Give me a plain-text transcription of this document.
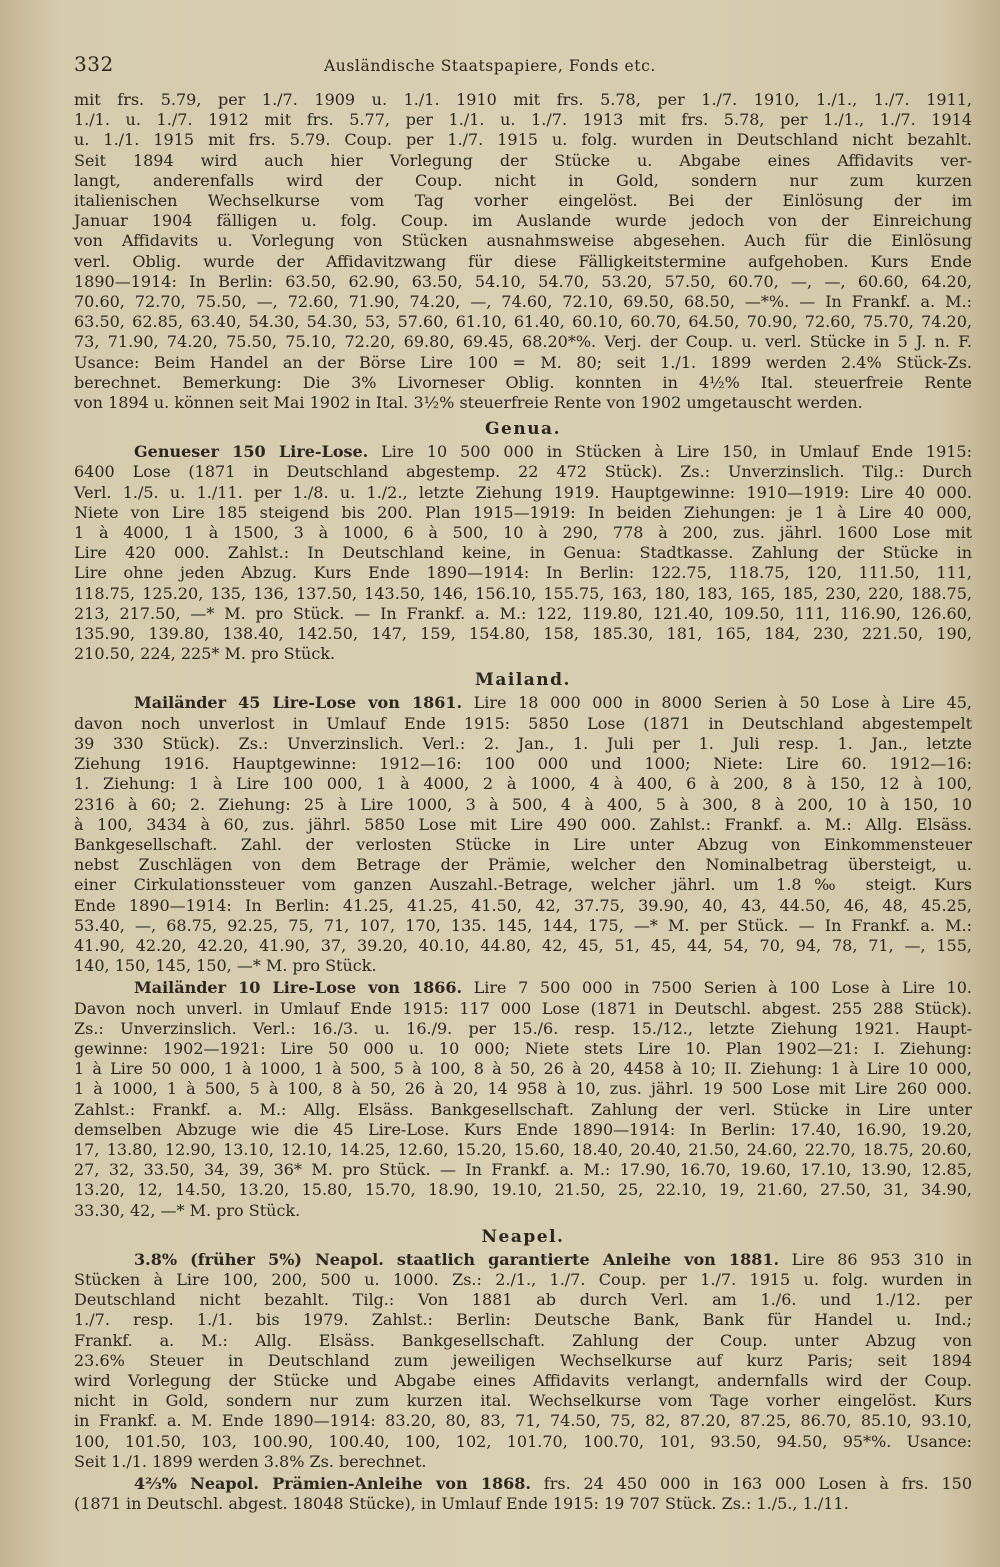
332	Ausländische Staatspapiere, Fonds etc.

mit frs. 5.79, per 1./7. 1909 u. 1./1. 1910 mit frs. 5.78, per 1./7. 1910, 1./1., 1./7. 1911,

1./1. u. 1./7. 1912 mit frs. 5.77, per 1./1. u. 1./7. 1913 mit frs. 5.78, per 1./1., 1./7. 1914

u. 1./1. 1915 mit frs. 5.79. Coup. per 1./7. 1915 u. folg. wurden in Deutschland nicht bezahlt.

Seit 1894 wird auch hier Vorlegung der Stücke u. Abgabe eines Affidavits ver-

langt, anderenfalls wird der Coup. nicht in Gold, sondern nur zum kurzen

italienischen Wechselkurse vom Tag vorher eingelöst. Bei der Einlösung der im

Januar 1904 fälligen u. folg. Coup. im Auslande wurde jedoch von der Einreichung

von Affidavits u. Vorlegung von Stücken ausnahmsweise abgesehen. Auch für die Einlösung

verl. Oblig. wurde der Affidavitzwang für diese Fälligkeitstermine aufgehoben. Kurs Ende

1890—1914: In Berlin: 63.50, 62.90, 63.50, 54.10, 54.70, 53.20, 57.50, 60.70, —, —, 60.60, 64.20,

70.60, 72.70, 75.50, —, 72.60, 71.90, 74.20, —, 74.60, 72.10, 69.50, 68.50, —*%. — In Frankf. a. M.:

63.50, 62.85, 63.40, 54.30, 54.30, 53, 57.60, 61.10, 61.40, 60.10, 60.70, 64.50, 70.90, 72.60, 75.70, 74.20,

73, 71.90, 74.20, 75.50, 75.10, 72.20, 69.80, 69.45, 68.20*%. Verj. der Coup. u. verl. Stücke in 5 J. n. F.

Usance: Beim Handel an der Börse Lire 100 = M. 80; seit 1./1. 1899 werden 2.4% Stück-Zs.

berechnet. Bemerkung: Die 3% Livorneser Oblig. konnten in 4½% Ital. steuerfreie Rente

von 1894 u. können seit Mai 1902 in Ital. 3½% steuerfreie Rente von 1902 umgetauscht werden.

Genua.

Genueser 150 Lire-Lose. Lire 10 500 000 in Stücken à Lire 150, in Umlauf Ende 1915:

6400 Lose (1871 in Deutschland abgestemp. 22 472 Stück). Zs.: Unverzinslich. Tilg.: Durch

Verl. 1./5. u. 1./11. per 1./8. u. 1./2., letzte Ziehung 1919. Hauptgewinne: 1910—1919: Lire 40 000.

Niete von Lire 185 steigend bis 200. Plan 1915—1919: In beiden Ziehungen: je 1 à Lire 40 000,

1 à 4000, 1 à 1500, 3 à 1000, 6 à 500, 10 à 290, 778 à 200, zus. jährl. 1600 Lose mit

Lire 420 000. Zahlst.: In Deutschland keine, in Genua: Stadtkasse. Zahlung der Stücke in

Lire ohne jeden Abzug. Kurs Ende 1890—1914: In Berlin: 122.75, 118.75, 120, 111.50, 111,

118.75, 125.20, 135, 136, 137.50, 143.50, 146, 156.10, 155.75, 163, 180, 183, 165, 185, 230, 220, 188.75,

213, 217.50, —* M. pro Stück. — In Frankf. a. M.: 122, 119.80, 121.40, 109.50, 111, 116.90, 126.60,

135.90, 139.80, 138.40, 142.50, 147, 159, 154.80, 158, 185.30, 181, 165, 184, 230, 221.50, 190,

210.50, 224, 225* M. pro Stück.

Mailand.

Mailänder 45 Lire-Lose von 1861. Lire 18 000 000 in 8000 Serien à 50 Lose à Lire 45,

davon noch unverlost in Umlauf Ende 1915: 5850 Lose (1871 in Deutschland abgestempelt

39 330 Stück). Zs.: Unverzinslich. Verl.: 2. Jan., 1. Juli per 1. Juli resp. 1. Jan., letzte

Ziehung 1916. Hauptgewinne: 1912—16: 100 000 und 1000; Niete: Lire 60. 1912—16:

1. Ziehung: 1 à Lire 100 000, 1 à 4000, 2 à 1000, 4 à 400, 6 à 200, 8 à 150, 12 à 100,

2316 à 60; 2. Ziehung: 25 à Lire 1000, 3 à 500, 4 à 400, 5 à 300, 8 à 200, 10 à 150, 10

à 100, 3434 à 60, zus. jährl. 5850 Lose mit Lire 490 000. Zahlst.: Frankf. a. M.: Allg. Elsäss.

Bankgesellschaft. Zahl. der verlosten Stücke in Lire unter Abzug von Einkommensteuer

nebst Zuschlägen von dem Betrage der Prämie, welcher den Nominalbetrag übersteigt, u.

einer Cirkulationssteuer vom ganzen Auszahl.-Betrage, welcher jährl. um 1.8‰ steigt. Kurs

Ende 1890—1914: In Berlin: 41.25, 41.25, 41.50, 42, 37.75, 39.90, 40, 43, 44.50, 46, 48, 45.25,

53.40, —, 68.75, 92.25, 75, 71, 107, 170, 135. 145, 144, 175, —* M. per Stück. — In Frankf. a. M.:

41.90, 42.20, 42.20, 41.90, 37, 39.20, 40.10, 44.80, 42, 45, 51, 45, 44, 54, 70, 94, 78, 71, —, 155,

140, 150, 145, 150, —* M. pro Stück.

Mailänder 10 Lire-Lose von 1866. Lire 7 500 000 in 7500 Serien à 100 Lose à Lire 10.

Davon noch unverl. in Umlauf Ende 1915: 117 000 Lose (1871 in Deutschl. abgest. 255 288 Stück).

Zs.: Unverzinslich. Verl.: 16./3. u. 16./9. per 15./6. resp. 15./12., letzte Ziehung 1921. Haupt-

gewinne: 1902—1921: Lire 50 000 u. 10 000; Niete stets Lire 10. Plan 1902—21: I. Ziehung:

1 à Lire 50 000, 1 à 1000, 1 à 500, 5 à 100, 8 à 50, 26 à 20, 4458 à 10; II. Ziehung: 1 à Lire 10 000,

1 à 1000, 1 à 500, 5 à 100, 8 à 50, 26 à 20, 14 958 à 10, zus. jährl. 19 500 Lose mit Lire 260 000.

Zahlst.: Frankf. a. M.: Allg. Elsäss. Bankgesellschaft. Zahlung der verl. Stücke in Lire unter

demselben Abzuge wie die 45 Lire-Lose. Kurs Ende 1890—1914: In Berlin: 17.40, 16.90, 19.20,

17, 13.80, 12.90, 13.10, 12.10, 14.25, 12.60, 15.20, 15.60, 18.40, 20.40, 21.50, 24.60, 22.70, 18.75, 20.60,

27, 32, 33.50, 34, 39, 36* M. pro Stück. — In Frankf. a. M.: 17.90, 16.70, 19.60, 17.10, 13.90, 12.85,

13.20, 12, 14.50, 13.20, 15.80, 15.70, 18.90, 19.10, 21.50, 25, 22.10, 19, 21.60, 27.50, 31, 34.90,

33.30, 42, —* M. pro Stück.

Neapel.

3.8% (früher 5%) Neapol. staatlich garantierte Anleihe von 1881. Lire 86 953 310 in

Stücken à Lire 100, 200, 500 u. 1000. Zs.: 2./1., 1./7. Coup. per 1./7. 1915 u. folg. wurden in

Deutschland nicht bezahlt. Tilg.: Von 1881 ab durch Verl. am 1./6. und 1./12. per

1./7. resp. 1./1. bis 1979. Zahlst.: Berlin: Deutsche Bank, Bank für Handel u. Ind.;

Frankf. a. M.: Allg. Elsäss. Bankgesellschaft. Zahlung der Coup. unter Abzug von

23.6% Steuer in Deutschland zum jeweiligen Wechselkurse auf kurz Paris; seit 1894

wird Vorlegung der Stücke und Abgabe eines Affidavits verlangt, andernfalls wird der Coup.

nicht in Gold, sondern nur zum kurzen ital. Wechselkurse vom Tage vorher eingelöst. Kurs

in Frankf. a. M. Ende 1890—1914: 83.20, 80, 83, 71, 74.50, 75, 82, 87.20, 87.25, 86.70, 85.10, 93.10,

100, 101.50, 103, 100.90, 100.40, 100, 102, 101.70, 100.70, 101, 93.50, 94.50, 95*%. Usance:

Seit 1./1. 1899 werden 3.8% Zs. berechnet.

4⅔% Neapol. Prämien-Anleihe von 1868. frs. 24 450 000 in 163 000 Losen à frs. 150

(1871 in Deutschl. abgest. 18048 Stücke), in Umlauf Ende 1915: 19 707 Stück. Zs.: 1./5., 1./11.
